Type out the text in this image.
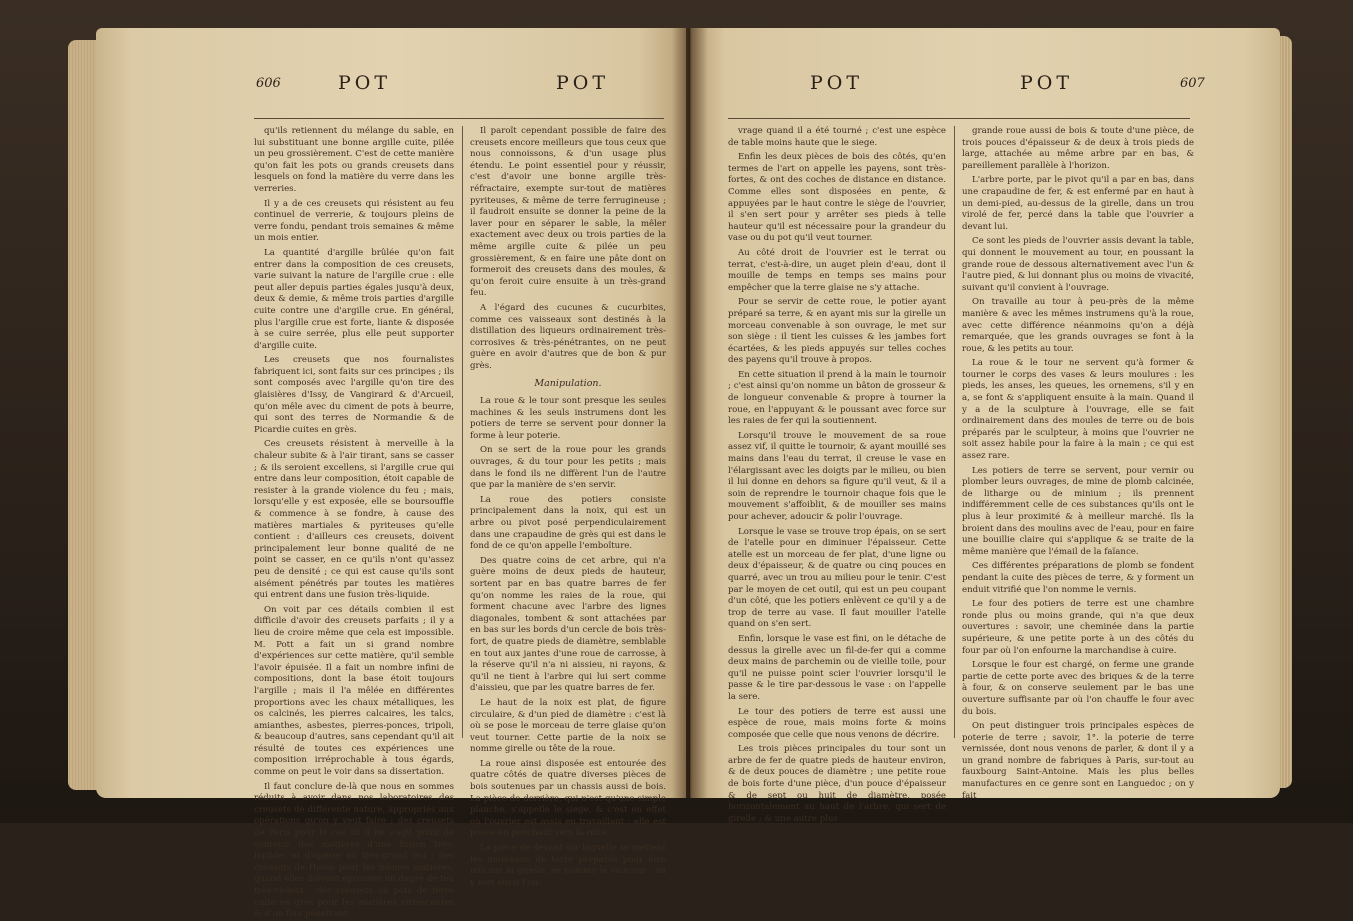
606	POT	POT

qu'ils retiennent du mélange du sable, en lui substituant une bonne argille cuite, pilée un peu grossièrement. C'est de cette manière qu'on fait les pots ou grands creusets dans lesquels on fond la matière du verre dans les verreries.

Il y a de ces creusets qui résistent au feu continuel de verrerie, & toujours pleins de verre fondu, pendant trois semaines & même un mois entier.

La quantité d'argille brûlée qu'on fait entrer dans la composition de ces creusets, varie suivant la nature de l'argille crue : elle peut aller depuis parties égales jusqu'à deux, deux & demie, & même trois parties d'argille cuite contre une d'argille crue. En général, plus l'argille crue est forte, liante & disposée à se cuire serrée, plus elle peut supporter d'argille cuite.

Les creusets que nos fournalistes fabriquent ici, sont faits sur ces principes ; ils sont composés avec l'argille qu'on tire des glaisières d'Issy, de Vangirard & d'Arcueil, qu'on mêle avec du ciment de pots à beurre, qui sont des terres de Normandie & de Picardie cuites en grès.

Ces creusets résistent à merveille à la chaleur subite & à l'air tirant, sans se casser ; & ils seroient excellens, si l'argille crue qui entre dans leur composition, étoit capable de resister à la grande violence du feu ; mais, lorsqu'elle y est exposée, elle se boursouffle & commence à se fondre, à cause des matières martiales & pyriteuses qu'elle contient : d'ailleurs ces creusets, doivent principalement leur bonne qualité de ne point se casser, en ce qu'ils n'ont qu'assez peu de densité ; ce qui est cause qu'ils sont aisément pénétrés par toutes les matières qui entrent dans une fusion très-liquide.

On voit par ces détails combien il est difficile d'avoir des creusets parfaits ; il y a lieu de croire même que cela est impossible. M. Pott a fait un si grand nombre d'expériences sur cette matière, qu'il semble l'avoir épuisée. Il a fait un nombre infini de compositions, dont la base étoit toujours l'argille ; mais il l'a mêlée en différentes proportions avec les chaux métalliques, les os calcinés, les pierres calcaires, les talcs, amianthes, asbestes, pierres-ponces, tripoli, & beaucoup d'autres, sans cependant qu'il ait résulté de toutes ces expériences une composition irréprochable à tous égards, comme on peut le voir dans sa dissertation.

Il faut conclure de-là que nous en sommes réduits à avoir dans nos laboratoires des creusets de différente nature, appropriés aux opérations qu'on y veut faire ; des creusets de Paris pour le cas où il ne s'agit point de contenir des matières d'une fusion très-liquide, ni d'opérer au très-grand feu ; des creusets de Hesse pour les mêmes matières, quand elles doivent éprouver un degré de feu très-violent ; des creusets ou pots de terre cuite en grès pour les matières vitrescentes & d'un flux pénétrant.

Il paroît cependant possible de faire des creusets encore meilleurs que tous ceux que nous connoissons, & d'un usage plus étendu. Le point essentiel pour y réussir, c'est d'avoir une bonne argille très-réfractaire, exempte sur-tout de matières pyriteuses, & même de terre ferrugineuse ; il faudroit ensuite se donner la peine de la laver pour en séparer le sable, la mêler exactement avec deux ou trois parties de la même argille cuite & pilée un peu grossièrement, & en faire une pâte dont on formeroit des creusets dans des moules, & qu'on feroit cuire ensuite à un très-grand feu.

A l'égard des cucunes & cucurbites, comme ces vaisseaux sont destinés à la distillation des liqueurs ordinairement très-corrosives & très-pénétrantes, on ne peut guère en avoir d'autres que de bon & pur grès.

Manipulation.

La roue & le tour sont presque les seules machines & les seuls instrumens dont les potiers de terre se servent pour donner la forme à leur poterie.

On se sert de la roue pour les grands ouvrages, & du tour pour les petits ; mais dans le fond ils ne diffèrent l'un de l'autre que par la manière de s'en servir.

La roue des potiers consiste principalement dans la noix, qui est un arbre ou pivot posé perpendiculairement dans une crapaudine de grès qui est dans le fond de ce qu'on appelle l'emboîture.

Des quatre coins de cet arbre, qui n'a guère moins de deux pieds de hauteur, sortent par en bas quatre barres de fer qu'on nomme les raies de la roue, qui forment chacune avec l'arbre des lignes diagonales, tombent & sont attachées par en bas sur les bords d'un cercle de bois très-fort, de quatre pieds de diamètre, semblable en tout aux jantes d'une roue de carrosse, à la réserve qu'il n'a ni aissieu, ni rayons, & qu'il ne tient à l'arbre qui lui sert comme d'aissieu, que par les quatre barres de fer.

Le haut de la noix est plat, de figure circulaire, & d'un pied de diamètre : c'est là où se pose le morceau de terre glaise qu'on veut tourner. Cette partie de la noix se nomme girelle ou tête de la roue.

La roue ainsi disposée est entourée des quatre côtés de quatre diverses pièces de bois soutenues par un chassis aussi de bois. La pièce de derrière, qui n'est qu'une simple planche, s'appelle le siege, & c'est en effet où l'ouvrier est assis en travaillant : elle est posée en penchant vers la roue.

La pièce de devant sur laquelle se mettent les morceaux de terre préparés pour être mis sur la girelle, se nomme le vaucour : on y met aussi l'ou-

POT	POT	607

vrage quand il a été tourné ; c'est une espèce de table moins haute que le siege.

Enfin les deux pièces de bois des côtés, qu'en termes de l'art on appelle les payens, sont très-fortes, & ont des coches de distance en distance. Comme elles sont disposées en pente, & appuyées par le haut contre le siège de l'ouvrier, il s'en sert pour y arrêter ses pieds à telle hauteur qu'il est nécessaire pour la grandeur du vase ou du pot qu'il veut tourner.

Au côté droit de l'ouvrier est le terrat ou terrat, c'est-à-dire, un auget plein d'eau, dont il mouille de temps en temps ses mains pour empêcher que la terre glaise ne s'y attache.

Pour se servir de cette roue, le potier ayant préparé sa terre, & en ayant mis sur la girelle un morceau convenable à son ouvrage, le met sur son siège : il tient les cuisses & les jambes fort écartées, & les pieds appuyés sur telles coches des payens qu'il trouve à propos.

En cette situation il prend à la main le tournoir ; c'est ainsi qu'on nomme un bâton de grosseur & de longueur convenable & propre à tourner la roue, en l'appuyant & le poussant avec force sur les raies de fer qui la soutiennent.

Lorsqu'il trouve le mouvement de sa roue assez vif, il quitte le tournoir, & ayant mouillé ses mains dans l'eau du terrat, il creuse le vase en l'élargissant avec les doigts par le milieu, ou bien il lui donne en dehors sa figure qu'il veut, & il a soin de reprendre le tournoir chaque fois que le mouvement s'affoiblit, & de mouiller ses mains pour achever, adoucir & polir l'ouvrage.

Lorsque le vase se trouve trop épais, on se sert de l'atelle pour en diminuer l'épaisseur. Cette atelle est un morceau de fer plat, d'une ligne ou deux d'épaisseur, & de quatre ou cinq pouces en quarré, avec un trou au milieu pour le tenir. C'est par le moyen de cet outil, qui est un peu coupant d'un côté, que les potiers enlèvent ce qu'il y a de trop de terre au vase. Il faut mouiller l'atelle quand on s'en sert.

Enfin, lorsque le vase est fini, on le détache de dessus la girelle avec un fil-de-fer qui a comme deux mains de parchemin ou de vieille toile, pour qu'il ne puisse point scier l'ouvrier lorsqu'il le passe & le tire par-dessous le vase : on l'appelle la sere.

Le tour des potiers de terre est aussi une espèce de roue, mais moins forte & moins composée que celle que nous venons de décrire.

Les trois pièces principales du tour sont un arbre de fer de quatre pieds de hauteur environ, & de deux pouces de diamètre ; une petite roue de bois forte d'une pièce, d'un pouce d'épaisseur & de sept ou huit de diamètre, posée horizontalement au haut de l'arbre, qui sert de girelle ; & une autre plus

grande roue aussi de bois & toute d'une pièce, de trois pouces d'épaisseur & de deux à trois pieds de large, attachée au même arbre par en bas, & pareillement parallèle à l'horizon.

L'arbre porte, par le pivot qu'il a par en bas, dans une crapaudine de fer, & est enfermé par en haut à un demi-pied, au-dessus de la girelle, dans un trou virolé de fer, percé dans la table que l'ouvrier a devant lui.

Ce sont les pieds de l'ouvrier assis devant la table, qui donnent le mouvement au tour, en poussant la grande roue de dessous alternativement avec l'un & l'autre pied, & lui donnant plus ou moins de vivacité, suivant qu'il convient à l'ouvrage.

On travaille au tour à peu-près de la même manière & avec les mêmes instrumens qu'à la roue, avec cette différence néanmoins qu'on a déjà remarquée, que les grands ouvrages se font à la roue, & les petits au tour.

La roue & le tour ne servent qu'à former & tourner le corps des vases & leurs moulures : les pieds, les anses, les queues, les ornemens, s'il y en a, se font & s'appliquent ensuite à la main. Quand il y a de la sculpture à l'ouvrage, elle se fait ordinairement dans des moules de terre ou de bois préparés par le sculpteur, à moins que l'ouvrier ne soit assez habile pour la faire à la main ; ce qui est assez rare.

Les potiers de terre se servent, pour vernir ou plomber leurs ouvrages, de mine de plomb calcinée, de litharge ou de minium ; ils prennent indifféremment celle de ces substances qu'ils ont le plus à leur proximité & à meilleur marché. Ils la broient dans des moulins avec de l'eau, pour en faire une bouillie claire qui s'applique & se traite de la même manière que l'émail de la faïance.

Ces différentes préparations de plomb se fondent pendant la cuite des pièces de terre, & y forment un enduit vitrifié que l'on nomme le vernis.

Le four des potiers de terre est une chambre ronde plus ou moins grande, qui n'a que deux ouvertures : savoir, une cheminée dans la partie supérieure, & une petite porte à un des côtés du four par où l'on enfourne la marchandise à cuire.

Lorsque le four est chargé, on ferme une grande partie de cette porte avec des briques & de la terre à four, & on conserve seulement par le bas une ouverture suffisante par où l'on chauffe le four avec du bois.

On peut distinguer trois principales espèces de poterie de terre ; savoir, 1°. la poterie de terre vernissée, dont nous venons de parler, & dont il y a un grand nombre de fabriques à Paris, sur-tout au fauxbourg Saint-Antoine. Mais les plus belles manufactures en ce genre sont en Languedoc ; on y fait
